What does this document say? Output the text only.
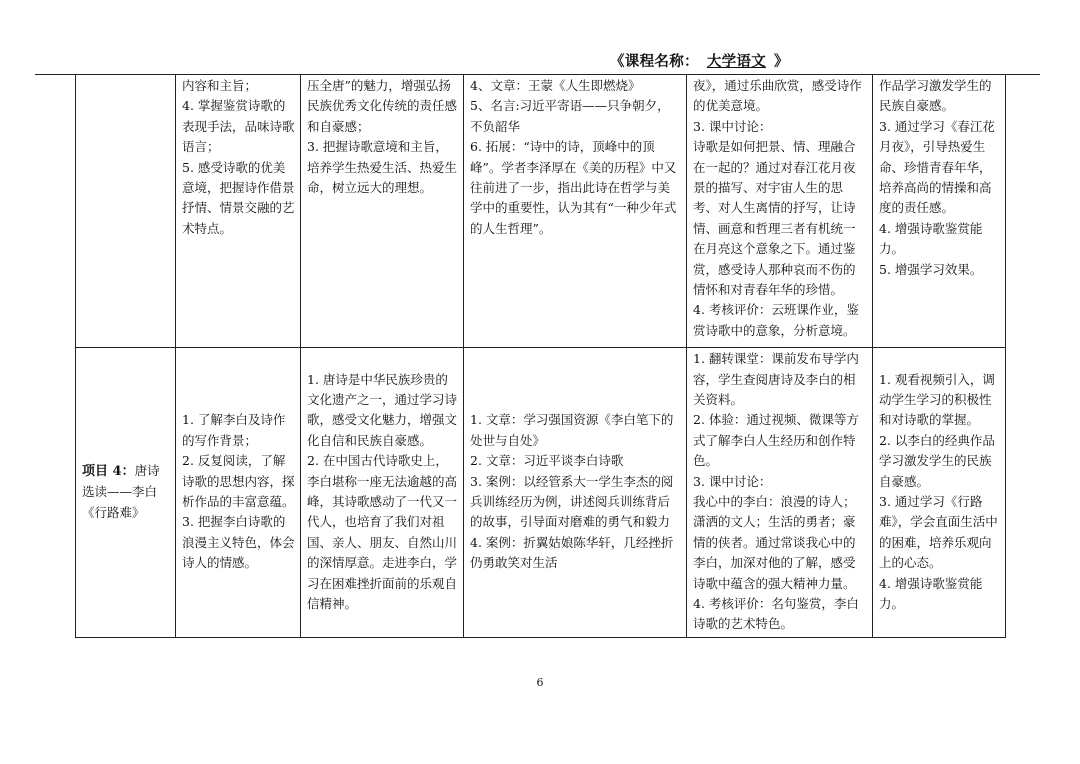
《课程名称： 大学语文 》

	内容和主旨；
4. 掌握鉴赏诗歌的表现手法，品味诗歌语言；
5. 感受诗歌的优美意境，把握诗作借景抒情、情景交融的艺术特点。	压全唐”的魅力，增强弘扬民族优秀文化传统的责任感和自豪感；
3. 把握诗歌意境和主旨，培养学生热爱生活、热爱生命，树立远大的理想。	4、文章：王蒙《人生即燃烧》
5、名言:习近平寄语——只争朝夕，不负韶华
6. 拓展：“诗中的诗，顶峰中的顶峰”。学者李泽厚在《美的历程》中又往前进了一步，指出此诗在哲学与美学中的重要性，认为其有“一种少年式的人生哲理”。	夜》，通过乐曲欣赏，感受诗作的优美意境。
3. 课中讨论：
诗歌是如何把景、情、理融合在一起的？通过对春江花月夜景的描写、对宇宙人生的思考、对人生离情的抒写，让诗情、画意和哲理三者有机统一在月亮这个意象之下。通过鉴赏，感受诗人那种哀而不伤的情怀和对青春年华的珍惜。
4. 考核评价：云班课作业，鉴赏诗歌中的意象，分析意境。	作品学习激发学生的民族自豪感。
3. 通过学习《春江花月夜》，引导热爱生命、珍惜青春年华，培养高尚的情操和高度的责任感。
4. 增强诗歌鉴赏能力。
5. 增强学习效果。

项目 4：唐诗选读——李白《行路难》	1. 了解李白及诗作的写作背景；
2. 反复阅读，了解诗歌的思想内容，探析作品的丰富意蕴。
3. 把握李白诗歌的浪漫主义特色，体会诗人的情感。	1. 唐诗是中华民族珍贵的文化遗产之一，通过学习诗歌，感受文化魅力，增强文化自信和民族自豪感。
2. 在中国古代诗歌史上，李白堪称一座无法逾越的高峰，其诗歌感动了一代又一代人，也培育了我们对祖国、亲人、朋友、自然山川的深情厚意。走进李白，学习在困难挫折面前的乐观自信精神。	1. 文章：学习强国资源《李白笔下的处世与自处》
2. 文章：习近平谈李白诗歌
3. 案例：以经管系大一学生李杰的阅兵训练经历为例，讲述阅兵训练背后的故事，引导面对磨难的勇气和毅力
4. 案例：折翼姑娘陈华轩，几经挫折仍勇敢笑对生活	1. 翻转课堂：课前发布导学内容，学生查阅唐诗及李白的相关资料。
2. 体验：通过视频、微课等方式了解李白人生经历和创作特色。
3. 课中讨论：
我心中的李白：浪漫的诗人；潇洒的文人；生活的勇者；豪情的侠者。通过常谈我心中的李白，加深对他的了解，感受诗歌中蕴含的强大精神力量。
4. 考核评价：名句鉴赏，李白诗歌的艺术特色。	1. 观看视频引入，调动学生学习的积极性和对诗歌的掌握。
2. 以李白的经典作品学习激发学生的民族自豪感。
3. 通过学习《行路难》，学会直面生活中的困难，培养乐观向上的心态。
4. 增强诗歌鉴赏能力。
6
